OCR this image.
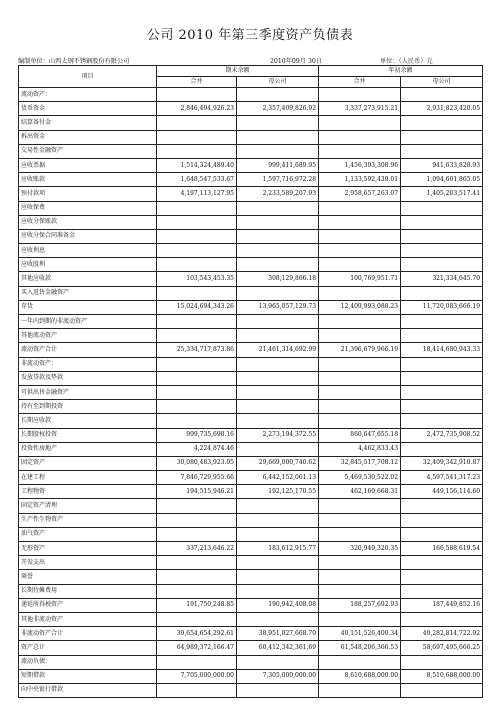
公司 2010 年第三季度资产负债表
编制单位：山西太钢不锈钢股份有限公司	2010年09月 30日	单位：（人民币）元
项目	期末余额		年初余额	
	合并	母公司	合并	母公司
流动资产：				
货币资金	2,846,494,926.23	2,357,409,826.92	3,337,273,915.21	2,931,823,420.05
结算备付金				
拆出资金				
交易性金融资产				
应收票据	1,514,324,489.40	999,411,689.95	1,456,393,308.96	941,633,828.93
应收账款	1,648,547,533.67	1,597,716,972.28	1,133,592,439.01	1,094,601,865.05
预付款项	4,197,113,127.95	2,233,589,207.93	2,958,657,263.07	1,405,203,517.41
应收保费				
应收分保账款				
应收分保合同准备金				
应收利息				
应收股利				
其他应收款	103,543,453.35	308,129,866.18	100,769,951.71	321,334,645.70
买入返售金融资产				
存货	15,024,694,343.26	13,965,057,129.73	12,409,993,088.23	11,720,083,666.19
一年内到期的非流动资产				
其他流动资产				
流动资产合计	25,334,717,873.86	21,461,314,692.99	21,396,679,966.19	18,414,680,943.33
非流动资产：				
发放贷款及垫款				
可供出售金融资产				
持有至到期投资				
长期应收款				
长期股权投资	999,735,698.16	2,273,194,372.55	860,647,655.18	2,472,735,908.52
投资性房地产	4,224,874.46		4,462,833.43	
固定资产	30,080,483,923.05	29,669,000,740.62	32,845,517,708.12	32,409,342,910.87
在建工程	7,846,729,955.66	6,442,152,061.13	5,469,530,522.02	4,597,541,317.23
工程物资	194,515,946.21	192,125,170.55	462,160,668.31	449,156,114.60
固定资产清理				
生产性生物资产				
油气资产				
无形资产	337,213,646.22	183,612,915.77	320,949,320.35	166,588,619.54
开发支出				
商誉				
长期待摊费用				
递延所得税资产	191,750,248.85	190,942,408.08	188,257,692.93	187,449,852.16
其他非流动资产				
非流动资产合计	39,654,654,292.61	38,951,027,668.70	40,151,526,400.34	40,282,814,722.92
资产总计	64,989,372,166.47	60,412,342,361.69	61,548,206,366.53	58,697,495,666.25
流动负债：				
短期借款	7,705,000,000.00	7,305,000,000.00	8,610,688,000.00	8,510,688,000.00
向中央银行借款				
